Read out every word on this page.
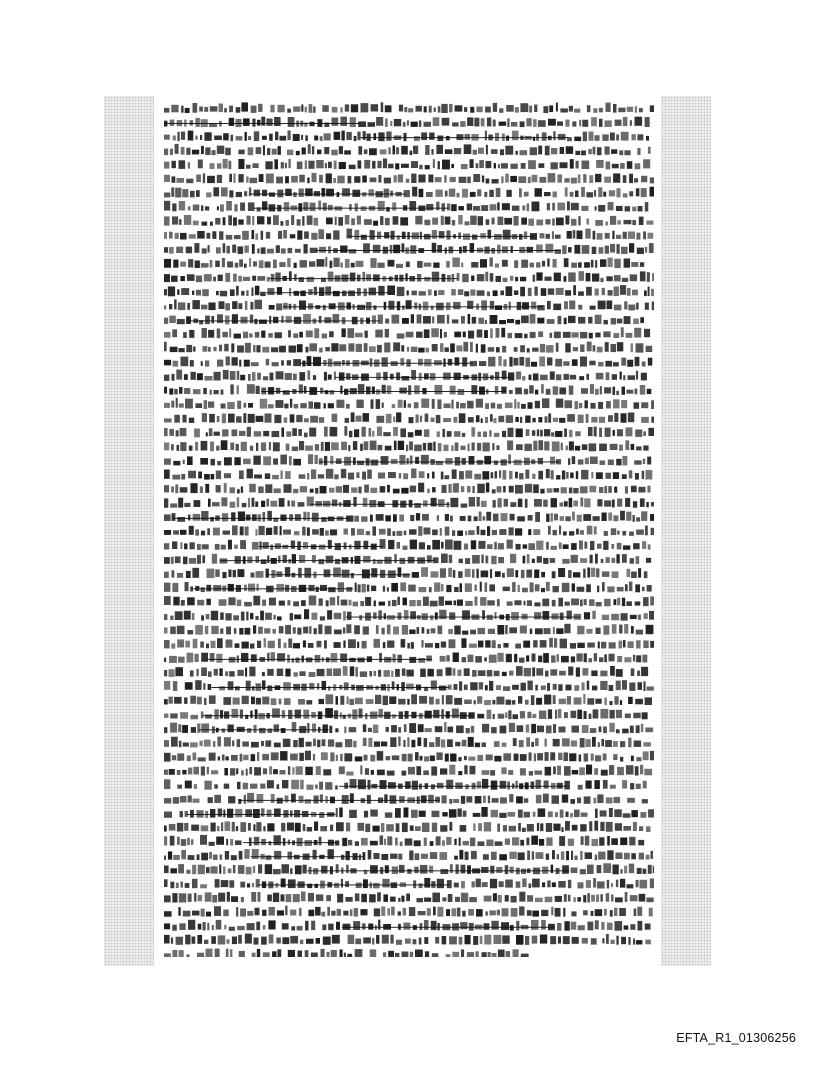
EFTA_R1_01306256
